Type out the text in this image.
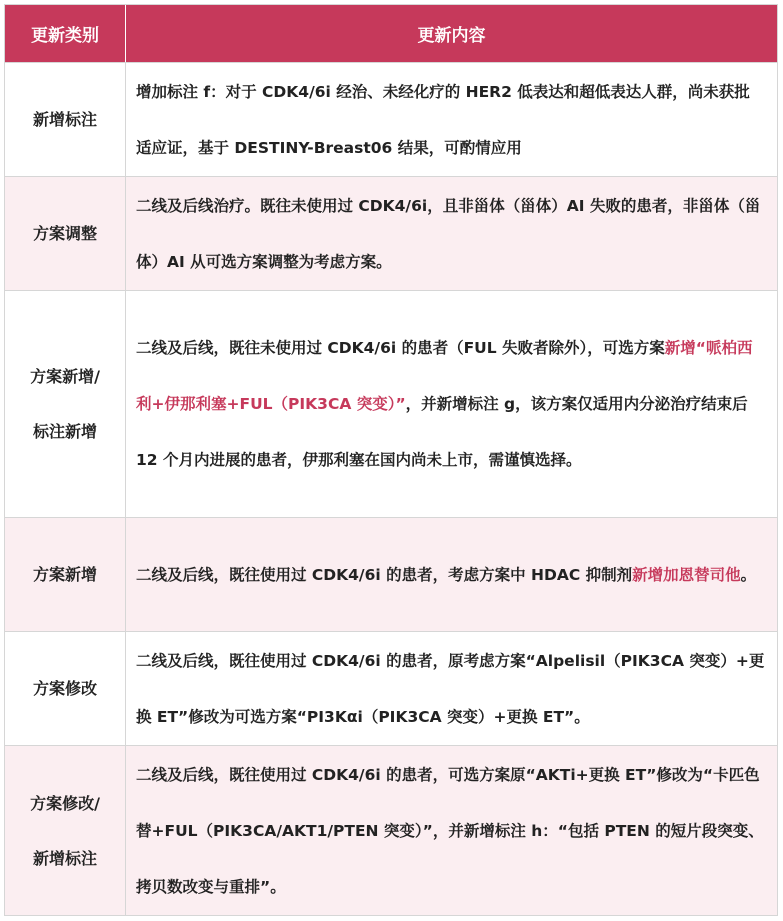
更新类别	更新内容
新增标注
增加标注 f：对于 CDK4/6i 经治、未经化疗的 HER2 低表达和超低表达人群，尚未获批适应证，基于 DESTINY-Breast06 结果，可酌情应用
方案调整
二线及后线治疗。既往未使用过 CDK4/6i，且非甾体（甾体）AI 失败的患者，非甾体（甾体）AI 从可选方案调整为考虑方案。
方案新增/
标注新增
二线及后线，既往未使用过 CDK4/6i 的患者（FUL 失败者除外），可选方案新增“哌柏西利+伊那利塞+FUL（PIK3CA 突变）”，并新增标注 g，该方案仅适用内分泌治疗结束后 12 个月内进展的患者，伊那利塞在国内尚未上市，需谨慎选择。
方案新增	二线及后线，既往使用过 CDK4/6i 的患者，考虑方案中 HDAC 抑制剂新增加恩替司他。
方案修改
二线及后线，既往使用过 CDK4/6i 的患者，原考虑方案“Alpelisil（PIK3CA 突变）+更换 ET”修改为可选方案“PI3Kαi（PIK3CA 突变）+更换 ET”。
方案修改/
新增标注
二线及后线，既往使用过 CDK4/6i 的患者，可选方案原“AKTi+更换 ET”修改为“卡匹色替+FUL（PIK3CA/AKT1/PTEN 突变）”，并新增标注 h：“包括 PTEN 的短片段突变、拷贝数改变与重排”。
